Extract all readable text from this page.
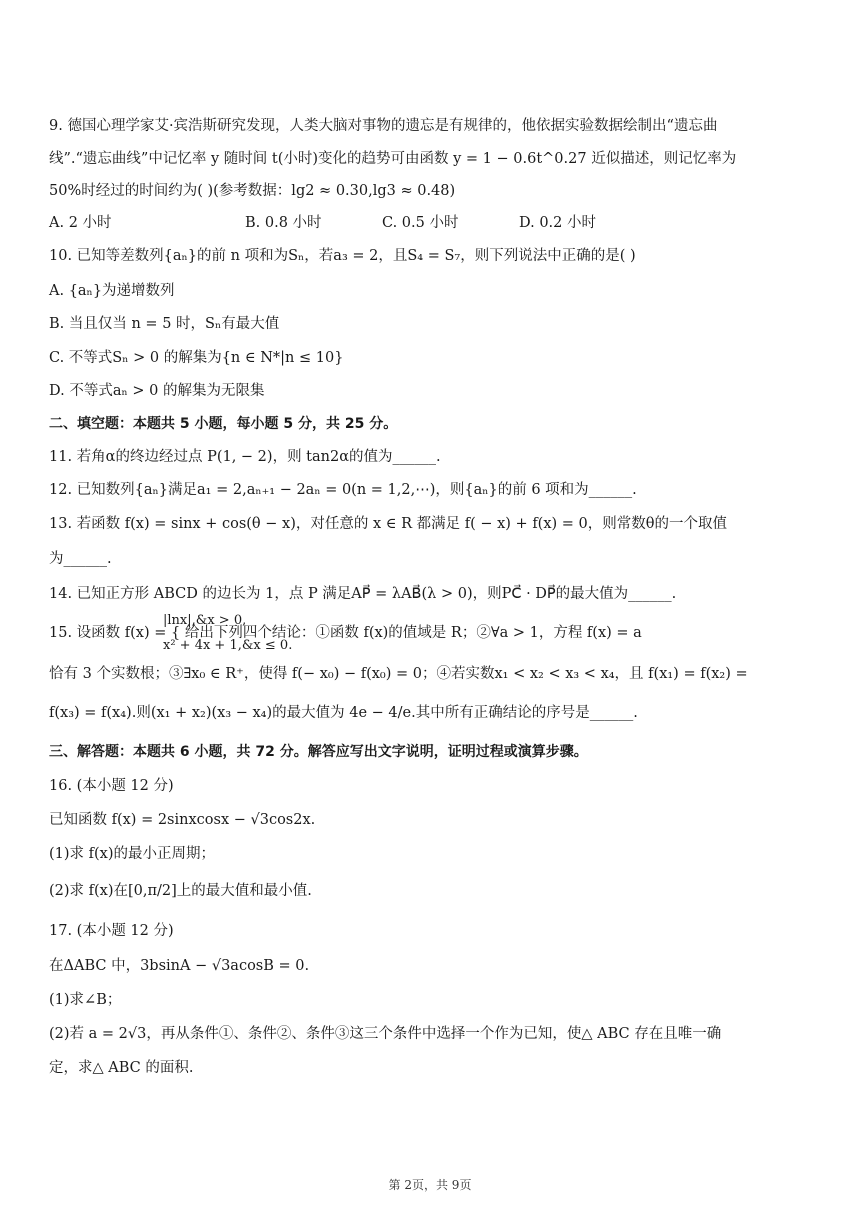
9. 德国心理学家艾·宾浩斯研究发现，人类大脑对事物的遗忘是有规律的，他依据实验数据绘制出“遗忘曲
线”.“遗忘曲线”中记忆率 y 随时间 t(小时)变化的趋势可由函数 y = 1 − 0.6t^0.27 近似描述，则记忆率为
50%时经过的时间约为( )(参考数据：lg2 ≈ 0.30,lg3 ≈ 0.48)
A. 2 小时	B. 0.8 小时	C. 0.5 小时	D. 0.2 小时
10. 已知等差数列{aₙ}的前 n 项和为Sₙ，若a₃ = 2，且S₄ = S₇，则下列说法中正确的是( )
A. {aₙ}为递增数列
B. 当且仅当 n = 5 时，Sₙ有最大值
C. 不等式Sₙ > 0 的解集为{n ∈ N*|n ≤ 10}
D. 不等式aₙ > 0 的解集为无限集
二、填空题：本题共 5 小题，每小题 5 分，共 25 分。
11. 若角α的终边经过点 P(1, − 2)，则 tan2α的值为______.
12. 已知数列{aₙ}满足a₁ = 2,aₙ₊₁ − 2aₙ = 0(n = 1,2,⋯)，则{aₙ}的前 6 项和为______.
13. 若函数 f(x) = sinx + cos(θ − x)，对任意的 x ∈ R 都满足 f( − x) + f(x) = 0，则常数θ的一个取值
为______.
14. 已知正方形 ABCD 的边长为 1，点 P 满足AP⃗ = λAB⃗(λ > 0)，则PC⃗ · DP⃗的最大值为______.
|lnx|,&x > 0,
15. 设函数 f(x) = { 给出下列四个结论：①函数 f(x)的值域是 R；②∀a > 1，方程 f(x) = a
x² + 4x + 1,&x ≤ 0.
恰有 3 个实数根；③∃x₀ ∈ R⁺，使得 f(− x₀) − f(x₀) = 0；④若实数x₁ < x₂ < x₃ < x₄，且 f(x₁) = f(x₂) =
f(x₃) = f(x₄).则(x₁ + x₂)(x₃ − x₄)的最大值为 4e − 4/e.其中所有正确结论的序号是______.
三、解答题：本题共 6 小题，共 72 分。解答应写出文字说明，证明过程或演算步骤。
16. (本小题 12 分)
已知函数 f(x) = 2sinxcosx − √3cos2x.
(1)求 f(x)的最小正周期；
(2)求 f(x)在[0,π/2]上的最大值和最小值.
17. (本小题 12 分)
在ΔABC 中，3bsinA − √3acosB = 0.
(1)求∠B；
(2)若 a = 2√3，再从条件①、条件②、条件③这三个条件中选择一个作为已知，使△ ABC 存在且唯一确
定，求△ ABC 的面积.
第 2页，共 9页
